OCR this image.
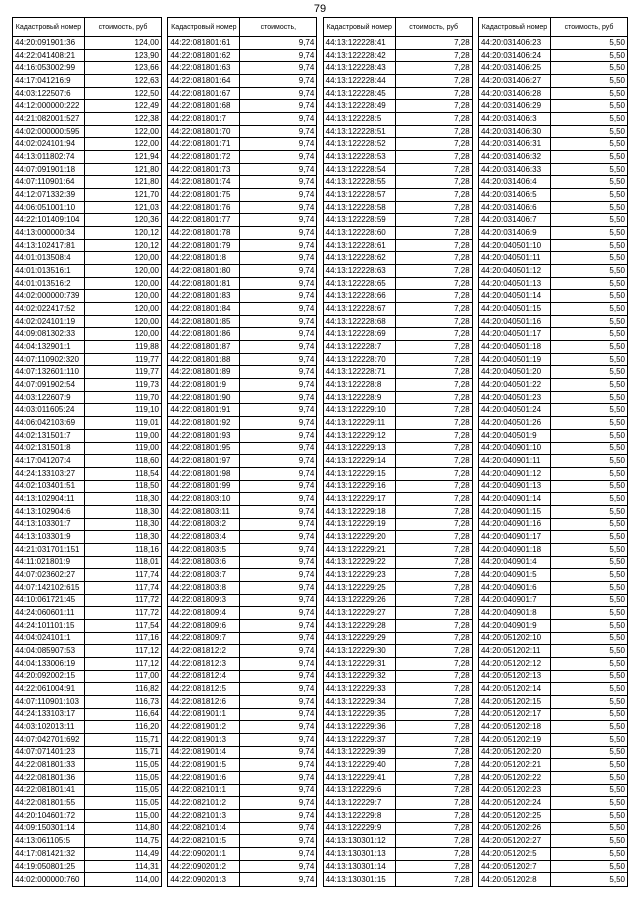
79
Кадастровый номер	стоимость, руб
44:20:091901:36	124,00
44:22:041408:21	123,90
44:16:053002:99	123,66
44:17:041216:9	122,63
44:03:122507:6	122,50
44:12:000000:222	122,49
44:21:082001:527	122,38
44:02:000000:595	122,00
44:02:024101:94	122,00
44:13:011802:74	121,94
44:07:091901:18	121,80
44:07:110901:64	121,80
44:12:071332:39	121,70
44:06:051001:10	121,03
44:22:101409:104	120,36
44:13:000000:34	120,12
44:13:102417:81	120,12
44:01:013508:4	120,00
44:01:013516:1	120,00
44:01:013516:2	120,00
44:02:000000:739	120,00
44:02:022417:52	120,00
44:02:024101:19	120,00
44:09:081302:33	120,00
44:04:132901:1	119,88
44:07:110902:320	119,77
44:07:132601:110	119,77
44:07:091902:54	119,73
44:03:122607:9	119,70
44:03:011605:24	119,10
44:06:042103:69	119,01
44:02:131501:7	119,00
44:02:131501:8	119,00
44:17:041207:4	118,60
44:24:133103:27	118,54
44:02:103401:51	118,50
44:13:102904:11	118,30
44:13:102904:6	118,30
44:13:103301:7	118,30
44:13:103301:9	118,30
44:21:031701:151	118,16
44:11:021801:9	118,01
44:07:023602:27	117,74
44:07:142102:615	117,74
44:10:061721:45	117,72
44:24:060601:11	117,72
44:24:101101:15	117,54
44:04:024101:1	117,16
44:04:085907:53	117,12
44:04:133006:19	117,12
44:20:092002:15	117,00
44:22:061004:91	116,82
44:07:110901:103	116,73
44:24:133103:17	116,64
44:03:102013:11	116,20
44:07:042701:692	115,71
44:07:071401:23	115,71
44:22:081801:33	115,05
44:22:081801:36	115,05
44:22:081801:41	115,05
44:22:081801:55	115,05
44:20:104601:72	115,00
44:09:150301:14	114,80
44:13:061105:5	114,75
44:17:081421:32	114,49
44:19:050801:25	114,31
44:02:000000:760	114,00
Кадастровый номер	стоимость,
44:22:081801:61	9,74
44:22:081801:62	9,74
44:22:081801:63	9,74
44:22:081801:64	9,74
44:22:081801:67	9,74
44:22:081801:68	9,74
44:22:081801:7	9,74
44:22:081801:70	9,74
44:22:081801:71	9,74
44:22:081801:72	9,74
44:22:081801:73	9,74
44:22:081801:74	9,74
44:22:081801:75	9,74
44:22:081801:76	9,74
44:22:081801:77	9,74
44:22:081801:78	9,74
44:22:081801:79	9,74
44:22:081801:8	9,74
44:22:081801:80	9,74
44:22:081801:81	9,74
44:22:081801:83	9,74
44:22:081801:84	9,74
44:22:081801:85	9,74
44:22:081801:86	9,74
44:22:081801:87	9,74
44:22:081801:88	9,74
44:22:081801:89	9,74
44:22:081801:9	9,74
44:22:081801:90	9,74
44:22:081801:91	9,74
44:22:081801:92	9,74
44:22:081801:93	9,74
44:22:081801:95	9,74
44:22:081801:97	9,74
44:22:081801:98	9,74
44:22:081801:99	9,74
44:22:081803:10	9,74
44:22:081803:11	9,74
44:22:081803:2	9,74
44:22:081803:4	9,74
44:22:081803:5	9,74
44:22:081803:6	9,74
44:22:081803:7	9,74
44:22:081803:8	9,74
44:22:081809:3	9,74
44:22:081809:4	9,74
44:22:081809:6	9,74
44:22:081809:7	9,74
44:22:081812:2	9,74
44:22:081812:3	9,74
44:22:081812:4	9,74
44:22:081812:5	9,74
44:22:081812:6	9,74
44:22:081901:1	9,74
44:22:081901:2	9,74
44:22:081901:3	9,74
44:22:081901:4	9,74
44:22:081901:5	9,74
44:22:081901:6	9,74
44:22:082101:1	9,74
44:22:082101:2	9,74
44:22:082101:3	9,74
44:22:082101:4	9,74
44:22:082101:5	9,74
44:22:090201:1	9,74
44:22:090201:2	9,74
44:22:090201:3	9,74
Кадастровый номер	стоимость, руб
44:13:122228:41	7,28
44:13:122228:42	7,28
44:13:122228:43	7,28
44:13:122228:44	7,28
44:13:122228:45	7,28
44:13:122228:49	7,28
44:13:122228:5	7,28
44:13:122228:51	7,28
44:13:122228:52	7,28
44:13:122228:53	7,28
44:13:122228:54	7,28
44:13:122228:55	7,28
44:13:122228:57	7,28
44:13:122228:58	7,28
44:13:122228:59	7,28
44:13:122228:60	7,28
44:13:122228:61	7,28
44:13:122228:62	7,28
44:13:122228:63	7,28
44:13:122228:65	7,28
44:13:122228:66	7,28
44:13:122228:67	7,28
44:13:122228:68	7,28
44:13:122228:69	7,28
44:13:122228:7	7,28
44:13:122228:70	7,28
44:13:122228:71	7,28
44:13:122228:8	7,28
44:13:122228:9	7,28
44:13:122229:10	7,28
44:13:122229:11	7,28
44:13:122229:12	7,28
44:13:122229:13	7,28
44:13:122229:14	7,28
44:13:122229:15	7,28
44:13:122229:16	7,28
44:13:122229:17	7,28
44:13:122229:18	7,28
44:13:122229:19	7,28
44:13:122229:20	7,28
44:13:122229:21	7,28
44:13:122229:22	7,28
44:13:122229:23	7,28
44:13:122229:25	7,28
44:13:122229:26	7,28
44:13:122229:27	7,28
44:13:122229:28	7,28
44:13:122229:29	7,28
44:13:122229:30	7,28
44:13:122229:31	7,28
44:13:122229:32	7,28
44:13:122229:33	7,28
44:13:122229:34	7,28
44:13:122229:35	7,28
44:13:122229:36	7,28
44:13:122229:37	7,28
44:13:122229:39	7,28
44:13:122229:40	7,28
44:13:122229:41	7,28
44:13:122229:6	7,28
44:13:122229:7	7,28
44:13:122229:8	7,28
44:13:122229:9	7,28
44:13:130301:12	7,28
44:13:130301:13	7,28
44:13:130301:14	7,28
44:13:130301:15	7,28
Кадастровый номер	стоимость, руб
44:20:031406:23	5,50
44:20:031406:24	5,50
44:20:031406:25	5,50
44:20:031406:27	5,50
44:20:031406:28	5,50
44:20:031406:29	5,50
44:20:031406:3	5,50
44:20:031406:30	5,50
44:20:031406:31	5,50
44:20:031406:32	5,50
44:20:031406:33	5,50
44:20:031406:4	5,50
44:20:031406:5	5,50
44:20:031406:6	5,50
44:20:031406:7	5,50
44:20:031406:9	5,50
44:20:040501:10	5,50
44:20:040501:11	5,50
44:20:040501:12	5,50
44:20:040501:13	5,50
44:20:040501:14	5,50
44:20:040501:15	5,50
44:20:040501:16	5,50
44:20:040501:17	5,50
44:20:040501:18	5,50
44:20:040501:19	5,50
44:20:040501:20	5,50
44:20:040501:22	5,50
44:20:040501:23	5,50
44:20:040501:24	5,50
44:20:040501:26	5,50
44:20:040501:9	5,50
44:20:040901:10	5,50
44:20:040901:11	5,50
44:20:040901:12	5,50
44:20:040901:13	5,50
44:20:040901:14	5,50
44:20:040901:15	5,50
44:20:040901:16	5,50
44:20:040901:17	5,50
44:20:040901:18	5,50
44:20:040901:4	5,50
44:20:040901:5	5,50
44:20:040901:6	5,50
44:20:040901:7	5,50
44:20:040901:8	5,50
44:20:040901:9	5,50
44:20:051202:10	5,50
44:20:051202:11	5,50
44:20:051202:12	5,50
44:20:051202:13	5,50
44:20:051202:14	5,50
44:20:051202:15	5,50
44:20:051202:17	5,50
44:20:051202:18	5,50
44:20:051202:19	5,50
44:20:051202:20	5,50
44:20:051202:21	5,50
44:20:051202:22	5,50
44:20:051202:23	5,50
44:20:051202:24	5,50
44:20:051202:25	5,50
44:20:051202:26	5,50
44:20:051202:27	5,50
44:20:051202:5	5,50
44:20:051202:7	5,50
44:20:051202:8	5,50
